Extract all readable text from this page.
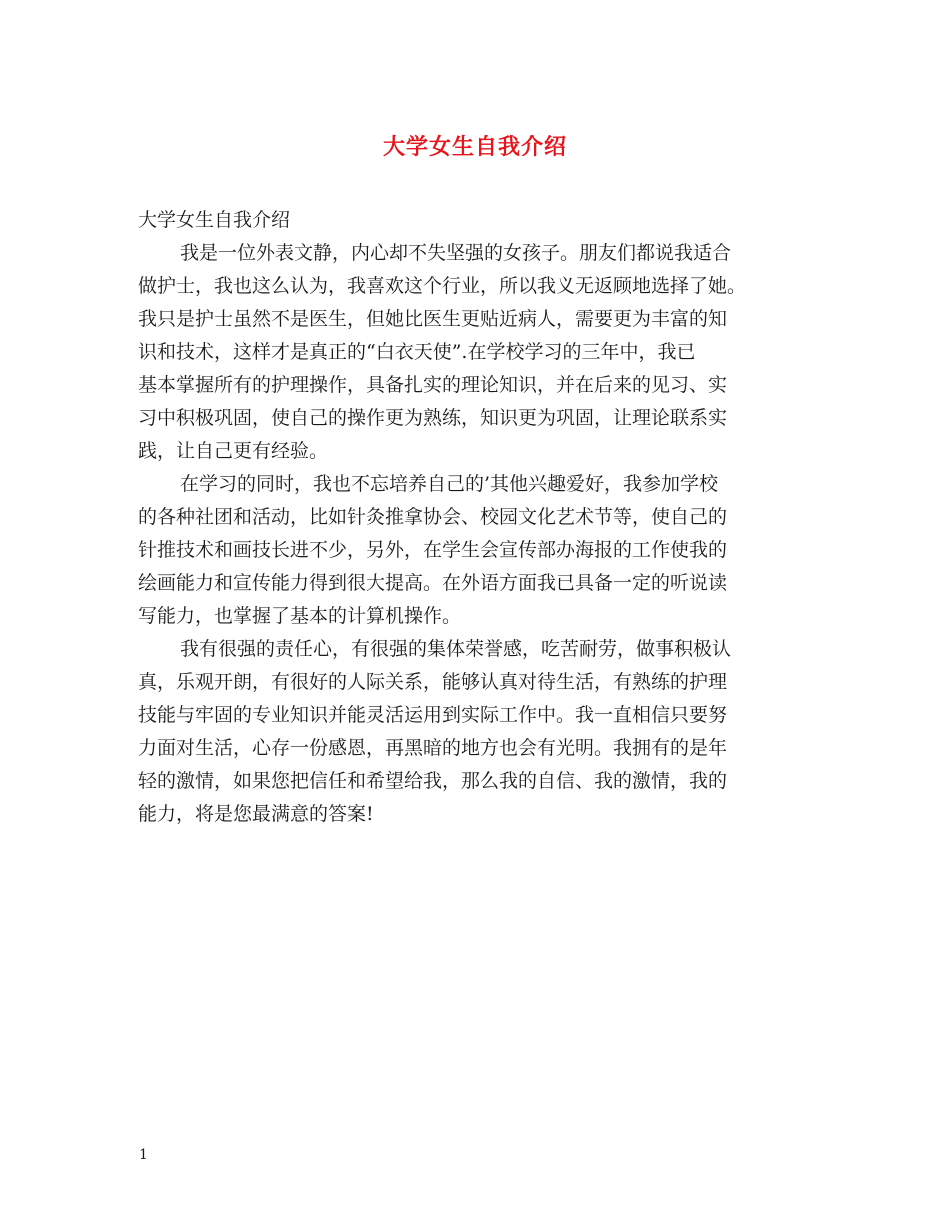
大学女生自我介绍

大学女生自我介绍

我是一位外表文静，内心却不失坚强的女孩子。朋友们都说我适合
做护士，我也这么认为，我喜欢这个行业，所以我义无返顾地选择了她。
我只是护士虽然不是医生，但她比医生更贴近病人，需要更为丰富的知
识和技术，这样才是真正的“白衣天使”.在学校学习的三年中，我已
基本掌握所有的护理操作，具备扎实的理论知识，并在后来的见习、实
习中积极巩固，使自己的操作更为熟练，知识更为巩固，让理论联系实
践，让自己更有经验。

在学习的同时，我也不忘培养自己的’其他兴趣爱好，我参加学校
的各种社团和活动，比如针灸推拿协会、校园文化艺术节等，使自己的
针推技术和画技长进不少，另外，在学生会宣传部办海报的工作使我的
绘画能力和宣传能力得到很大提高。在外语方面我已具备一定的听说读
写能力，也掌握了基本的计算机操作。

我有很强的责任心，有很强的集体荣誉感，吃苦耐劳，做事积极认
真，乐观开朗，有很好的人际关系，能够认真对待生活，有熟练的护理
技能与牢固的专业知识并能灵活运用到实际工作中。我一直相信只要努
力面对生活，心存一份感恩，再黑暗的地方也会有光明。我拥有的是年
轻的激情，如果您把信任和希望给我，那么我的自信、我的激情，我的
能力，将是您最满意的答案!

1
